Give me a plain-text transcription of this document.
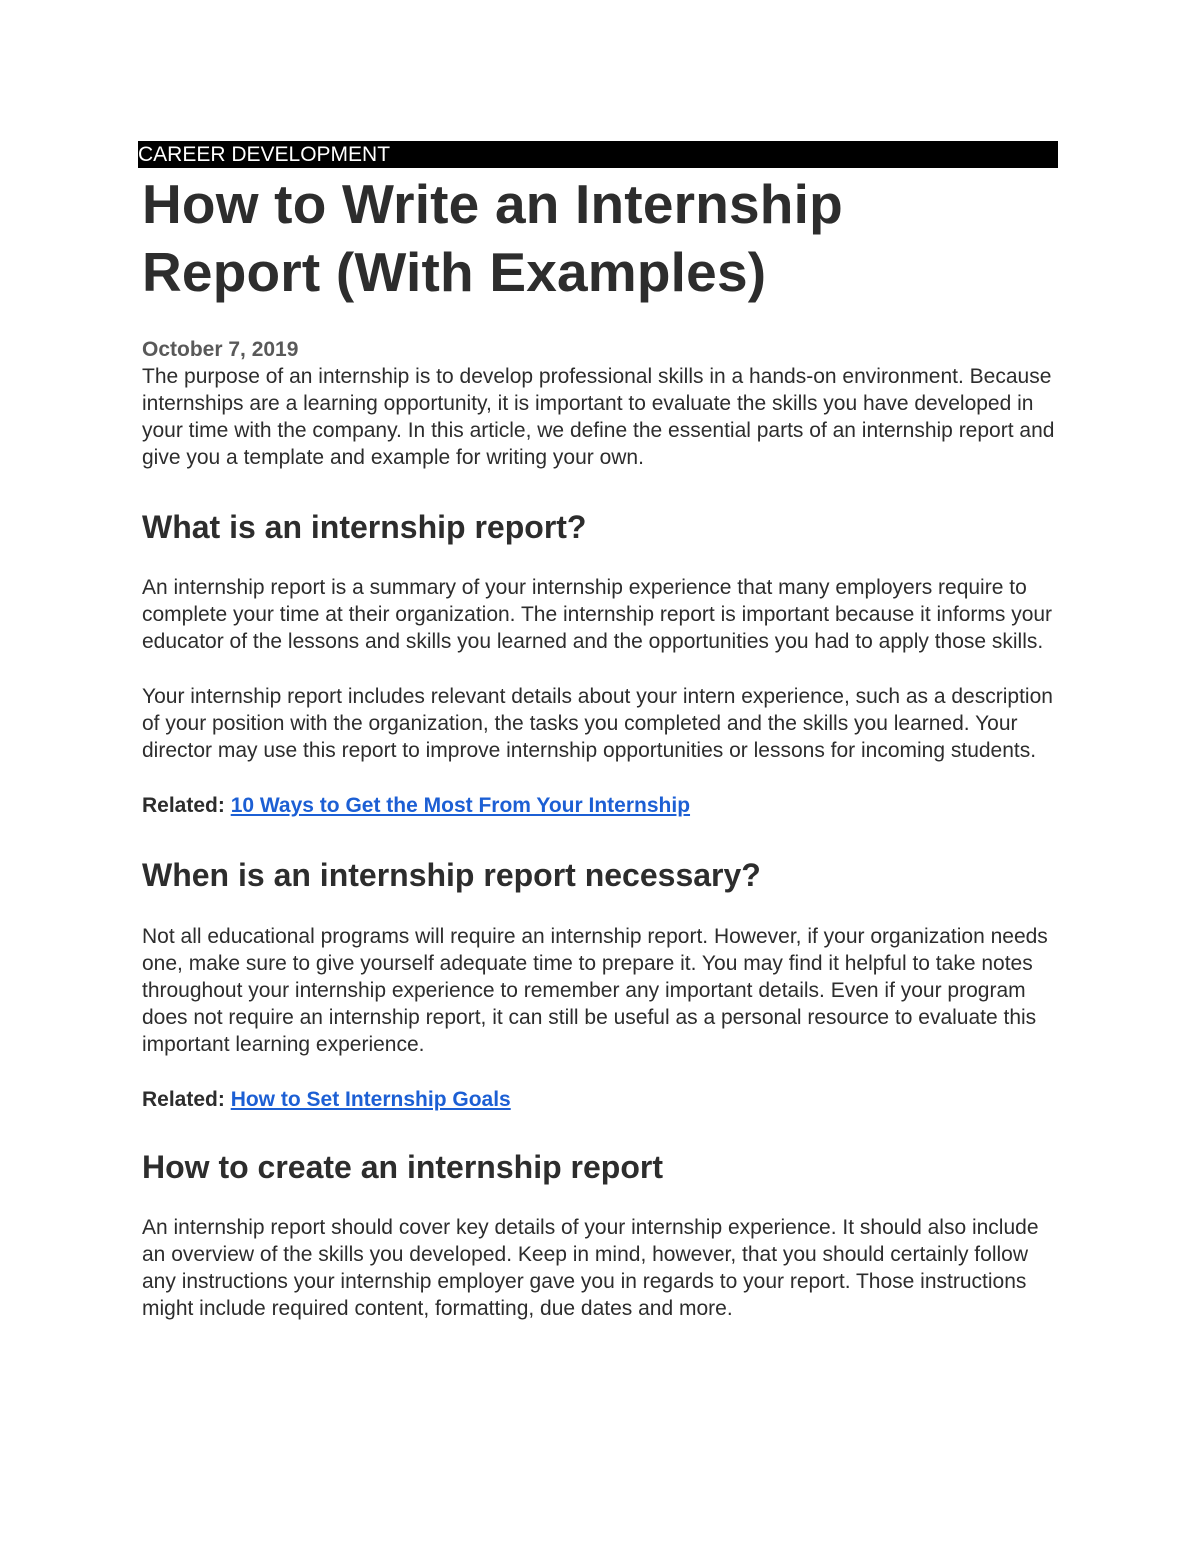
CAREER DEVELOPMENT
How to Write an Internship
Report (With Examples)
October 7, 2019

The purpose of an internship is to develop professional skills in a hands-on environment. Because internships are a learning opportunity, it is important to evaluate the skills you have developed in your time with the company. In this article, we define the essential parts of an internship report and give you a template and example for writing your own.

What is an internship report?

An internship report is a summary of your internship experience that many employers require to complete your time at their organization. The internship report is important because it informs your educator of the lessons and skills you learned and the opportunities you had to apply those skills.

Your internship report includes relevant details about your intern experience, such as a description of your position with the organization, the tasks you completed and the skills you learned. Your director may use this report to improve internship opportunities or lessons for incoming students.

Related: 10 Ways to Get the Most From Your Internship

When is an internship report necessary?

Not all educational programs will require an internship report. However, if your organization needs one, make sure to give yourself adequate time to prepare it. You may find it helpful to take notes throughout your internship experience to remember any important details. Even if your program does not require an internship report, it can still be useful as a personal resource to evaluate this important learning experience.

Related: How to Set Internship Goals

How to create an internship report

An internship report should cover key details of your internship experience. It should also include an overview of the skills you developed. Keep in mind, however, that you should certainly follow any instructions your internship employer gave you in regards to your report. Those instructions might include required content, formatting, due dates and more.
